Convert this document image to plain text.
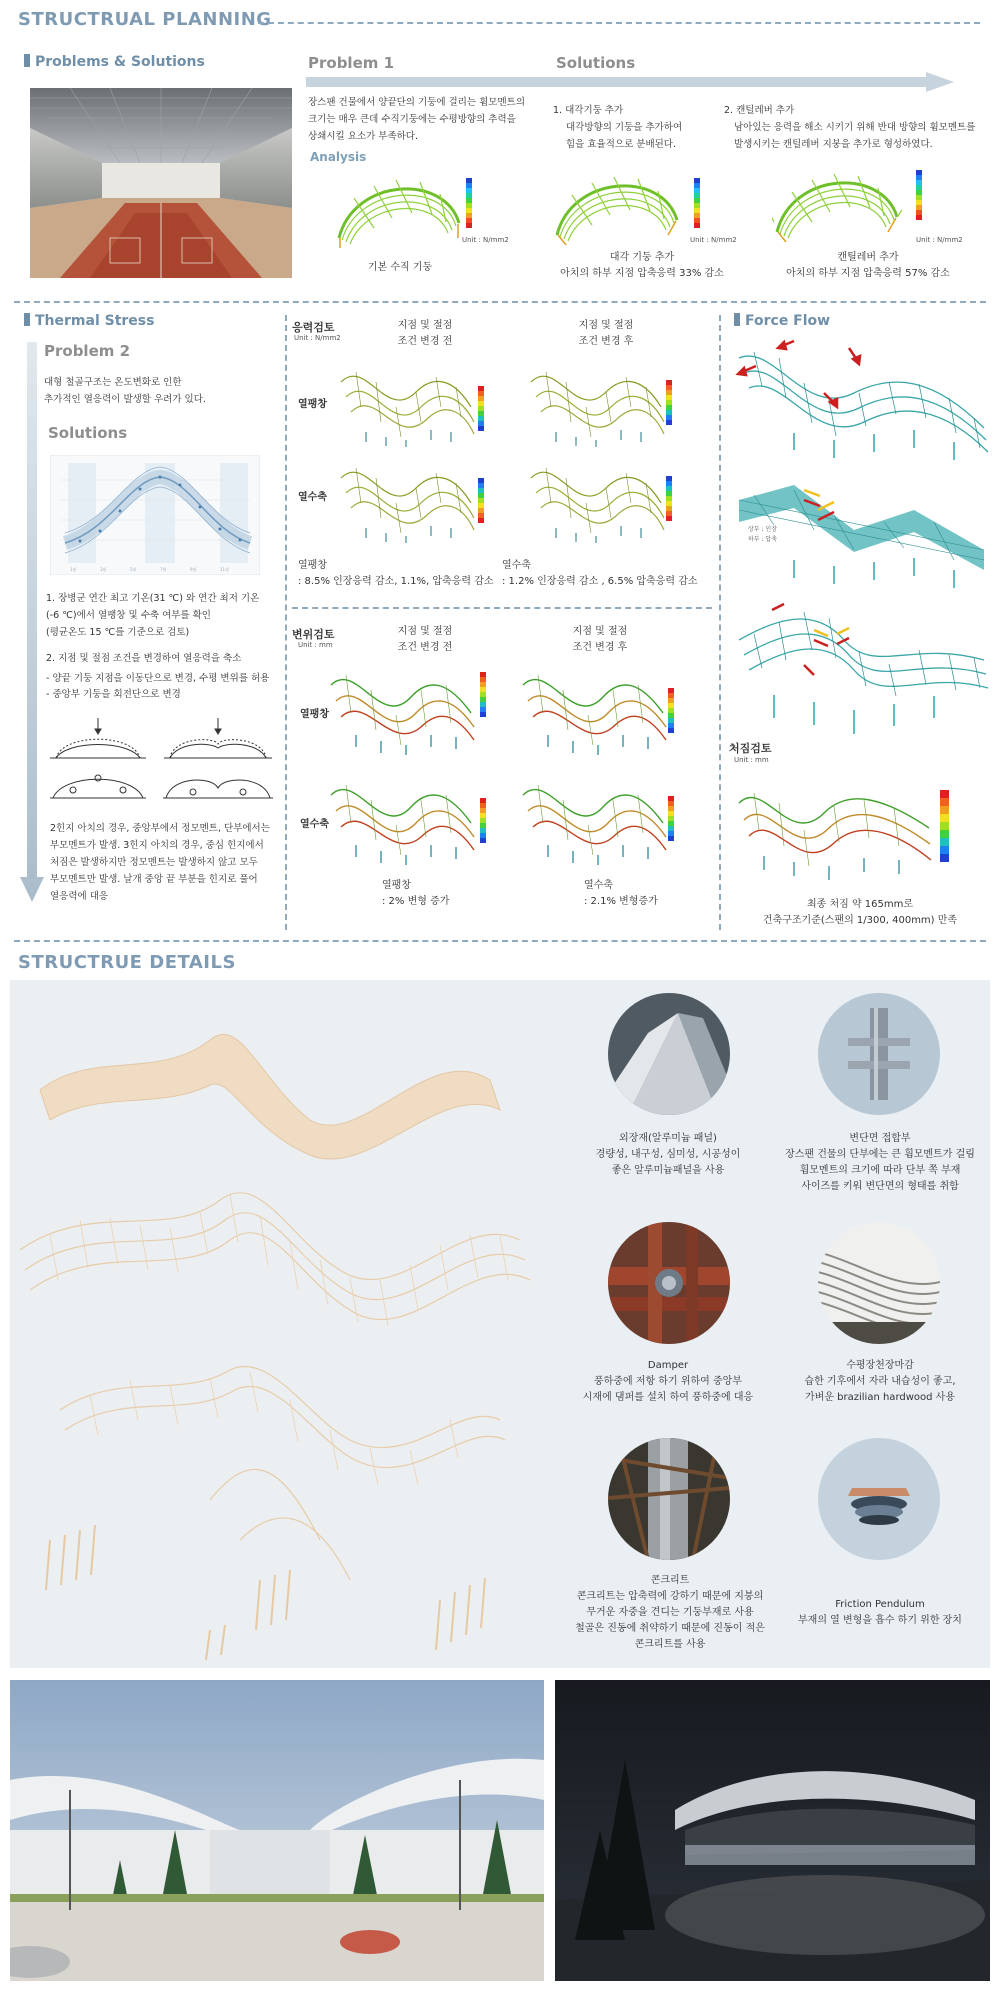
STRUCTRUAL PLANNING
Problems & Solutions	Problem 1	Solutions
장스팬 건물에서 양끝단의 기둥에 걸리는 휨모멘트의
크기는 매우 큰데 수직기둥에는 수평방향의 추력을
상쇄시킬 요소가 부족하다.
Analysis
1. 대각기둥 추가
대각방향의 기둥을 추가하여
힘을 효율적으로 분배된다.
2. 캔틸레버 추가
남아있는 응력을 해소 시키기 위해 반대 방향의 휨모멘트를
발생시키는 캔틸레버 지붕을 추가로 형성하였다.
Unit : N/mm2
기본 수직 기둥
Unit : N/mm2
대각 기둥 추가
아치의 하부 지점 압축응력 33% 감소
Unit : N/mm2
캔틸레버 추가
아치의 하부 지점 압축응력 57% 감소
Thermal Stress
Problem 2
대형 철골구조는 온도변화로 인한
추가적인 열응력이 발생할 우려가 있다.
Solutions
1월	3월	5월	7월	9월	11월
1. 장병군 연간 최고 기온(31 ℃) 와 연간 최저 기온
(-6 ℃)에서 열팽창 및 수축 여부를 확인
(평균온도 15 ℃를 기준으로 검토)
2. 지점 및 절점 조건을 변경하여 열응력을 축소
- 양끝 기둥 지점을 이동단으로 변경, 수평 변위를 허용
- 중앙부 기둥을 회전단으로 변경
2힌지 아치의 경우, 중앙부에서 정모멘트, 단부에서는
부모멘트가 발생. 3힌지 아치의 경우, 중심 힌지에서
처짐은 발생하지만 정모멘트는 발생하지 않고 모두
부모멘트만 발생. 날개 중앙 끝 부분을 힌지로 풀어
열응력에 대응
응력검토
Unit : N/mm2
지점 및 절점
조건 변경 전
지점 및 절점
조건 변경 후
열팽창
열수축
열팽창
: 8.5% 인장응력 감소, 1.1%, 압축응력 감소
열수축
: 1.2% 인장응력 감소 , 6.5% 압축응력 감소
변위검토
Unit : mm
지점 및 절점
조건 변경 전
지점 및 절점
조건 변경 후
열팽창
열수축
열팽창
: 2% 변형 증가
열수축
: 2.1% 변형증가
Force Flow
상부 : 인장
하부 : 압축
처짐검토
Unit : mm
최종 처짐 약 165mm로
건축구조기준(스팬의 1/300, 400mm) 만족
STRUCTRUE DETAILS
외장재(알루미늄 패널)
경량성, 내구성, 심미성, 시공성이
좋은 알루미늄패널을 사용
변단면 접합부
장스팬 건물의 단부에는 큰 휨모멘트가 걸림
휨모멘트의 크기에 따라 단부 쪽 부재
사이즈를 키워 변단면의 형태를 취함
Damper
풍하중에 저항 하기 위하여 중앙부
시재에 댐퍼를 설치 하여 풍하중에 대응
수평장천장마감
습한 기후에서 자라 내습성이 좋고,
가벼운 brazilian hardwood 사용
콘크리트
콘크리트는 압축력에 강하기 때문에 지붕의
무거운 자중을 견디는 기둥부재로 사용
철골은 진동에 취약하기 때문에 진동이 적은
콘크리트를 사용
Friction Pendulum
부재의 열 변형을 흡수 하기 위한 장치
